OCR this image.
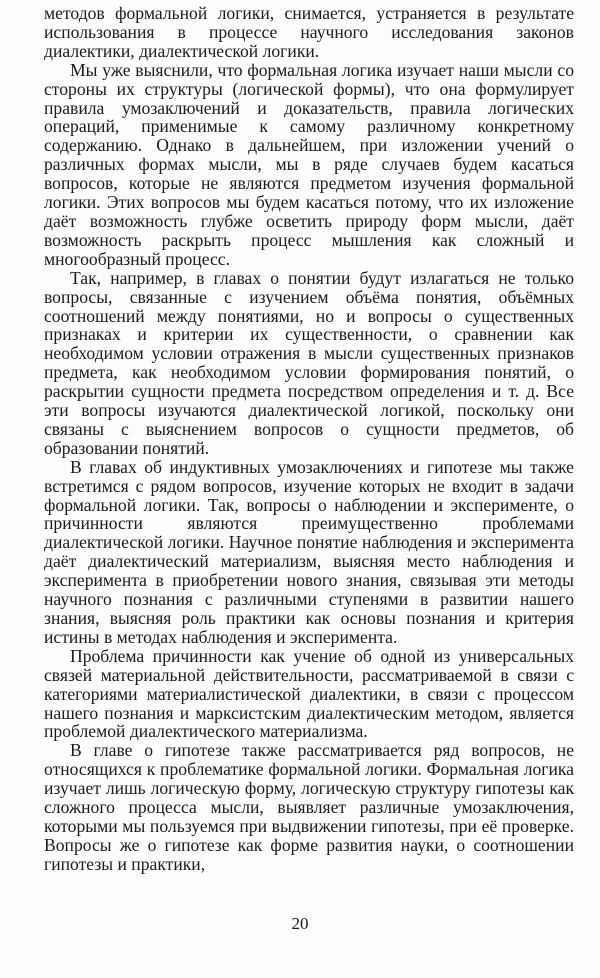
методов формальной логики, снимается, устраняется в результате использования в процессе научного исследования законов диалектики, диалектической логики.

Мы уже выяснили, что формальная логика изучает наши мысли со стороны их структуры (логической формы), что она формулирует правила умозаключений и доказательств, правила логических операций, применимые к самому различному конкретному содержанию. Однако в дальнейшем, при изложении учений о различных формах мысли, мы в ряде случаев будем касаться вопросов, которые не являются предметом изучения формальной логики. Этих вопросов мы будем касаться потому, что их изложение даёт возможность глубже осветить природу форм мысли, даёт возможность раскрыть процесс мышления как сложный и многообразный процесс.

Так, например, в главах о понятии будут излагаться не только вопросы, связанные с изучением объёма понятия, объёмных соотношений между понятиями, но и вопросы о существенных признаках и критерии их существенности, о сравнении как необходимом условии отражения в мысли существенных признаков предмета, как необходимом условии формирования понятий, о раскрытии сущности предмета посредством определения и т. д. Все эти вопросы изучаются диалектической логикой, поскольку они связаны с выяснением вопросов о сущности предметов, об образовании понятий.

В главах об индуктивных умозаключениях и гипотезе мы также встретимся с рядом вопросов, изучение которых не входит в задачи формальной логики. Так, вопросы о наблюдении и эксперименте, о причинности являются преимущественно проблемами диалектической логики. Научное понятие наблюдения и эксперимента даёт диалектический материализм, выясняя место наблюдения и эксперимента в приобретении нового знания, связывая эти методы научного познания с различными ступенями в развитии нашего знания, выясняя роль практики как основы познания и критерия истины в методах наблюдения и эксперимента.

Проблема причинности как учение об одной из универсальных связей материальной действительности, рассматриваемой в связи с категориями материалистической диалектики, в связи с процессом нашего познания и марксистским диалектическим методом, является проблемой диалектического материализма.

В главе о гипотезе также рассматривается ряд вопросов, не относящихся к проблематике формальной логики. Формальная логика изучает лишь логическую форму, логическую структуру гипотезы как сложного процесса мысли, выявляет различные умозаключения, которыми мы пользуемся при выдвижении гипотезы, при её проверке. Вопросы же о гипотезе как форме развития науки, о соотношении гипотезы и практики,

20
